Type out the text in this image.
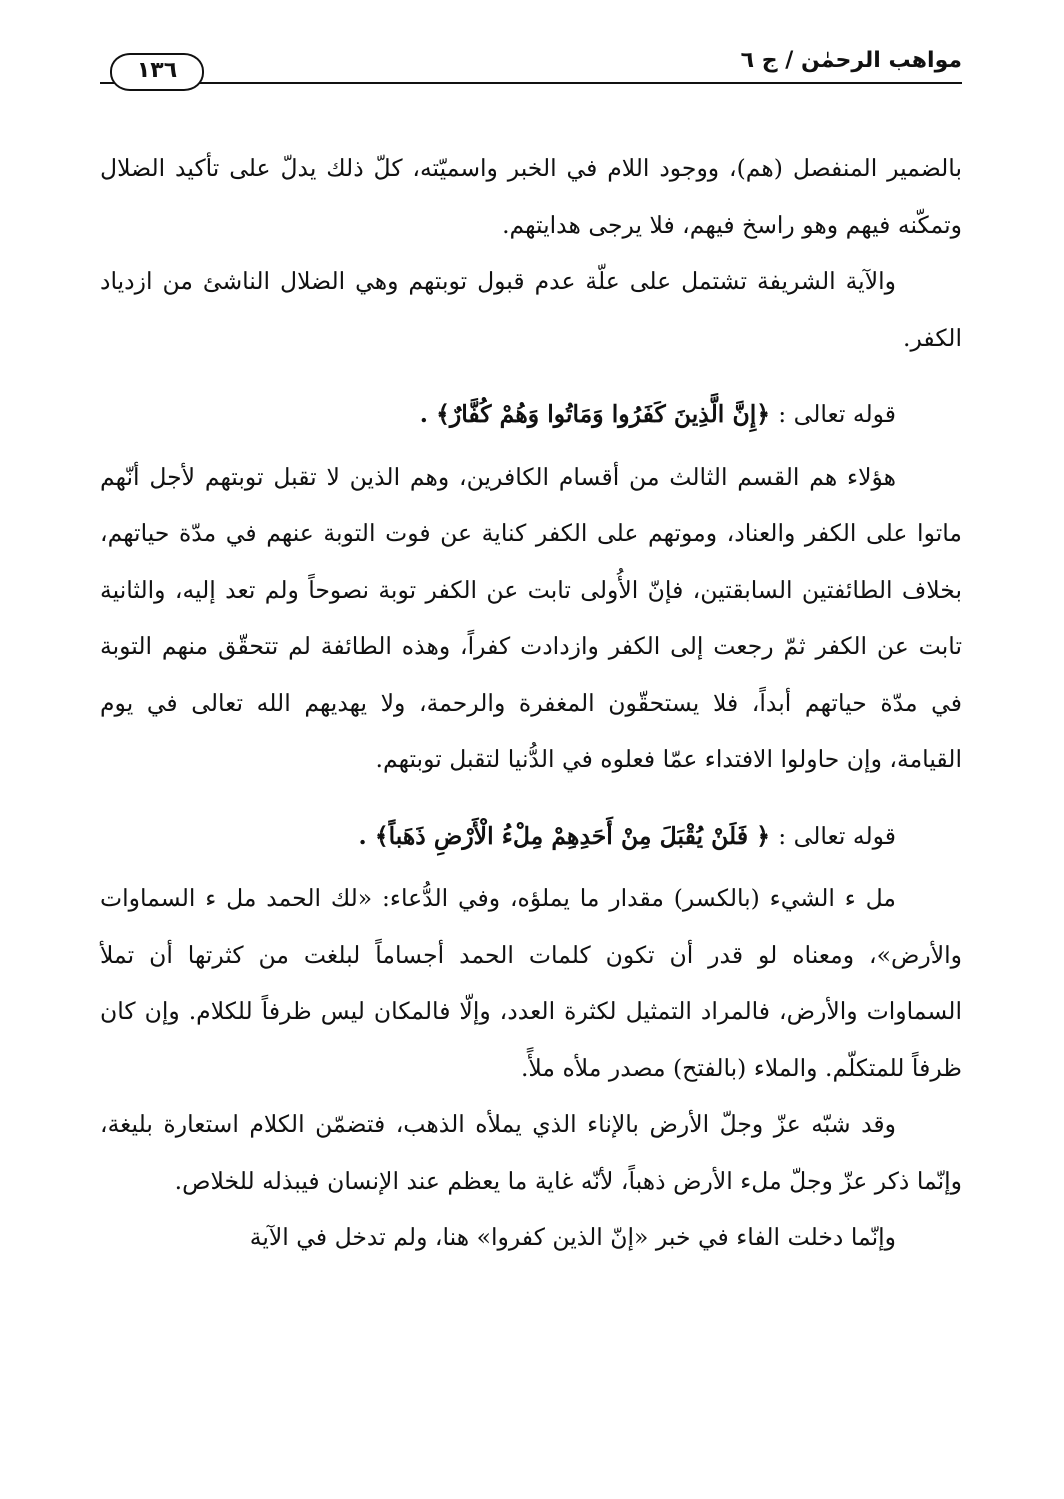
١٣٦	مواهب الرحمٰن / ج ٦

بالضمير المنفصل (هم)، ووجود اللام في الخبر واسميّته، كلّ ذلك يدلّ على تأكيد الضلال وتمكّنه فيهم وهو راسخ فيهم، فلا يرجى هدايتهم.

والآية الشريفة تشتمل على علّة عدم قبول توبتهم وهي الضلال الناشئ من ازدياد الكفر.

قوله تعالى : ﴿إِنَّ الَّذِينَ كَفَرُوا وَمَاتُوا وَهُمْ كُفَّارٌ﴾ .

هؤلاء هم القسم الثالث من أقسام الكافرين، وهم الذين لا تقبل توبتهم لأجل أنّهم ماتوا على الكفر والعناد، وموتهم على الكفر كناية عن فوت التوبة عنهم في مدّة حياتهم، بخلاف الطائفتين السابقتين، فإنّ الأُولى تابت عن الكفر توبة نصوحاً ولم تعد إليه، والثانية تابت عن الكفر ثمّ رجعت إلى الكفر وازدادت كفراً، وهذه الطائفة لم تتحقّق منهم التوبة في مدّة حياتهم أبداً، فلا يستحقّون المغفرة والرحمة، ولا يهديهم الله تعالى في يوم القيامة، وإن حاولوا الافتداء عمّا فعلوه في الدُّنيا لتقبل توبتهم.

قوله تعالى : ﴿ فَلَنْ يُقْبَلَ مِنْ أَحَدِهِمْ مِلْءُ الْأَرْضِ ذَهَباً﴾ .

مل ء الشيء (بالكسر) مقدار ما يملؤه، وفي الدُّعاء: «لك الحمد مل ء السماوات والأرض»، ومعناه لو قدر أن تكون كلمات الحمد أجساماً لبلغت من كثرتها أن تملأ السماوات والأرض، فالمراد التمثيل لكثرة العدد، وإلّا فالمكان ليس ظرفاً للكلام. وإن كان ظرفاً للمتكلّم. والملاء (بالفتح) مصدر ملأه ملأً.

وقد شبّه عزّ وجلّ الأرض بالإناء الذي يملأه الذهب، فتضمّن الكلام استعارة بليغة، وإنّما ذكر عزّ وجلّ ملء الأرض ذهباً، لأنّه غاية ما يعظم عند الإنسان فيبذله للخلاص.

وإنّما دخلت الفاء في خبر «إنّ الذين كفروا» هنا، ولم تدخل في الآية
